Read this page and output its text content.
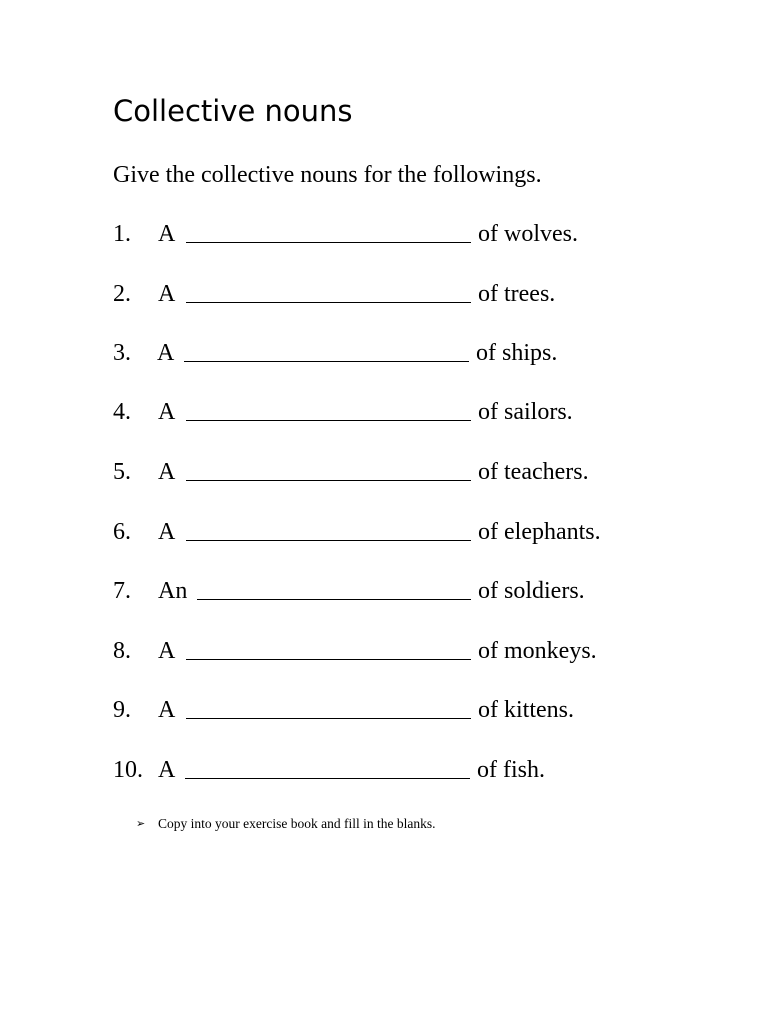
Collective nouns

Give the collective nouns for the followings.

1. A	of wolves.
2. A	of trees.
3. A	of ships.
4. A	of sailors.
5. A	of teachers.
6. A	of elephants.
7. An	of soldiers.
8. A	of monkeys.
9. A	of kittens.
10. A	of fish.
➢ Copy into your exercise book and fill in the blanks.
